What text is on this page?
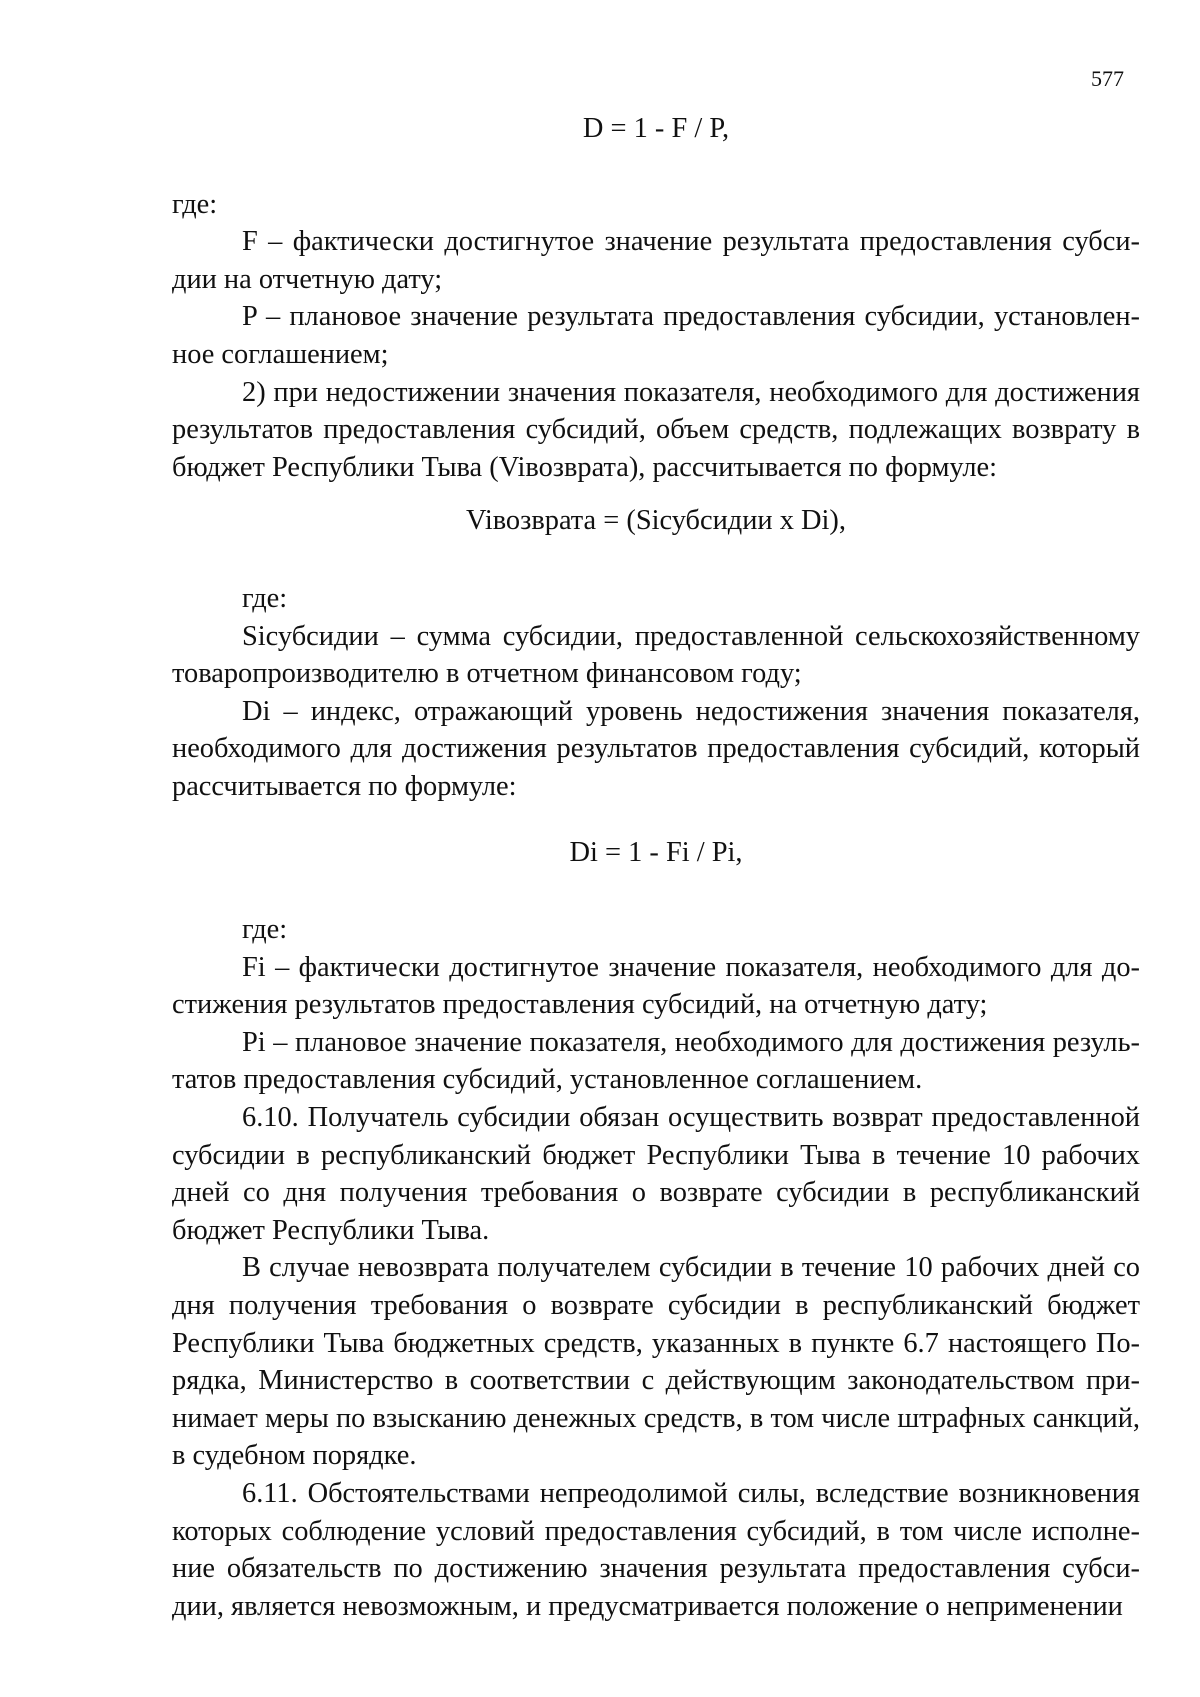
577

D = 1 - F / P,

где:

F – фактически достигнутое значение результата предоставления субсидии на отчетную дату;

P – плановое значение результата предоставления субсидии, установленное соглашением;

2) при недостижении значения показателя, необходимого для достижения результатов предоставления субсидий, объем средств, подлежащих возврату в бюджет Республики Тыва (Viвозврата), рассчитывается по формуле:

Viвозврата = (Siсубсидии x Di),

где:

Siсубсидии – сумма субсидии, предоставленной сельскохозяйственному товаропроизводителю в отчетном финансовом году;

Di – индекс, отражающий уровень недостижения значения показателя, необходимого для достижения результатов предоставления субсидий, который рассчитывается по формуле:

Di = 1 - Fi / Pi,

где:

Fi – фактически достигнутое значение показателя, необходимого для достижения результатов предоставления субсидий, на отчетную дату;

Pi – плановое значение показателя, необходимого для достижения результатов предоставления субсидий, установленное соглашением.

6.10. Получатель субсидии обязан осуществить возврат предоставленной субсидии в республиканский бюджет Республики Тыва в течение 10 рабочих дней со дня получения требования о возврате субсидии в республиканский бюджет Республики Тыва.

В случае невозврата получателем субсидии в течение 10 рабочих дней со дня получения требования о возврате субсидии в республиканский бюджет Республики Тыва бюджетных средств, указанных в пункте 6.7 настоящего Порядка, Министерство в соответствии с действующим законодательством принимает меры по взысканию денежных средств, в том числе штрафных санкций, в судебном порядке.

6.11. Обстоятельствами непреодолимой силы, вследствие возникновения которых соблюдение условий предоставления субсидий, в том числе исполнение обязательств по достижению значения результата предоставления субсидии, является невозможным, и предусматривается положение о неприменении
